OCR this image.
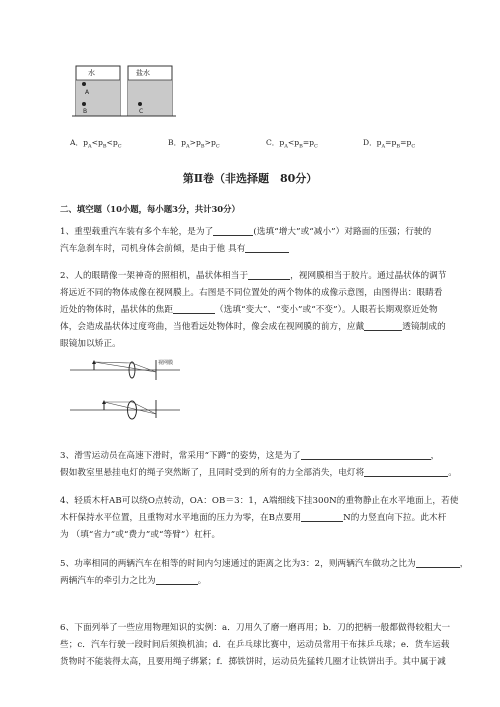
水	盐水
A
B	C
A．$p_A<p_B<p_C$	B．$p_A>p_B>p_C$	C．$p_A<p_B=p_C$	D．$p_A=p_B=p_C$
第Ⅱ卷（非选择题　80分）
二、填空题（10小题，每小题3分，共计30分）
1、重型载重汽车装有多个车轮，是为了	(选填“增大”或“减小”）对路面的压强；行驶的
汽车急刹车时，司机身体会前倾，是由于他 具有
2、人的眼睛像一架神奇的照相机，晶状体相当于	，视网膜相当于胶片。通过晶状体的调节
将远近不同的物体成像在视网膜上。右图是不同位置处的两个物体的成像示意图，由图得出：眼睛看
近处的物体时，晶状体的焦距	（选填“变大”、“变小”或“不变”）。人眼若长期观察近处物
体，会造成晶状体过度弯曲，当他看远处物体时，像会成在视网膜的前方，应戴	透镜制成的
眼镜加以矫正。
视网膜
3、滑雪运动员在高速下滑时，常采用“下蹲”的姿势，这是为了	，
假如教室里悬挂电灯的绳子突然断了，且同时受到的所有的力全部消失，电灯将	。
4、轻质木杆AB可以绕O点转动，OA：OB＝3：1，A端细线下挂300N的重物静止在水平地面上，若使
木杆保持水平位置，且重物对水平地面的压力为零，在B点要用	N的力竖直向下拉。此木杆
为 （填“省力”或“费力”或“等臂”）杠杆。
5、功率相同的两辆汽车在相等的时间内匀速通过的距离之比为3：2，则两辆汽车做功之比为	，
两辆汽车的牵引力之比为	。
6、下面列举了一些应用物理知识的实例：a．刀用久了磨一磨再用；b．刀的把柄一般都做得较粗大一
些；c．汽车行驶一段时间后须换机油；d．在乒乓球比赛中，运动员常用干布抹乒乓球；e．货车运载
货物时不能装得太高，且要用绳子绑紧；f．掷铁饼时，运动员先猛转几圈才让铁饼出手。其中属于减
